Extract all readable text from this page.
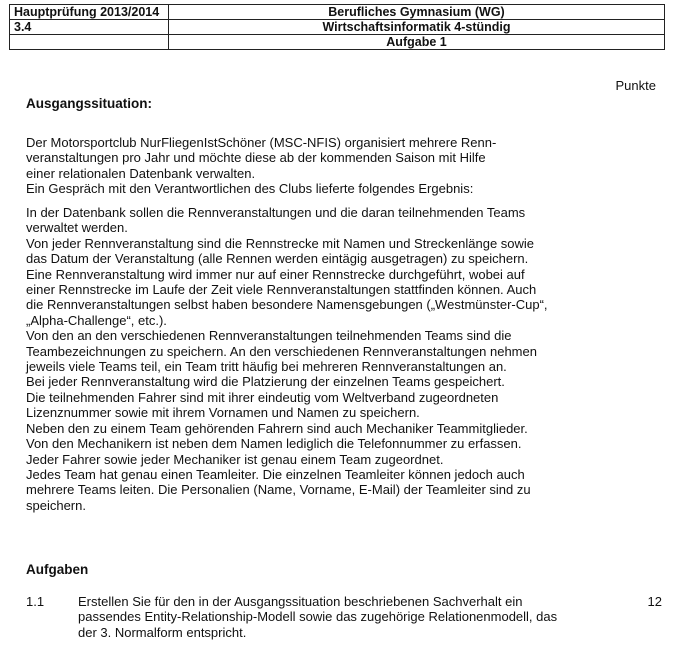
Hauptprüfung 2013/2014	Berufliches Gymnasium (WG)
3.4	Wirtschaftsinformatik 4-stündig
	Aufgabe 1
Punkte
Ausgangssituation:
Der Motorsportclub NurFliegenIstSchöner (MSC-NFIS) organisiert mehrere Renn-
veranstaltungen pro Jahr und möchte diese ab der kommenden Saison mit Hilfe
einer relationalen Datenbank verwalten.
Ein Gespräch mit den Verantwortlichen des Clubs lieferte folgendes Ergebnis:
In der Datenbank sollen die Rennveranstaltungen und die daran teilnehmenden Teams
verwaltet werden.
Von jeder Rennveranstaltung sind die Rennstrecke mit Namen und Streckenlänge sowie
das Datum der Veranstaltung (alle Rennen werden eintägig ausgetragen) zu speichern.
Eine Rennveranstaltung wird immer nur auf einer Rennstrecke durchgeführt, wobei auf
einer Rennstrecke im Laufe der Zeit viele Rennveranstaltungen stattfinden können. Auch
die Rennveranstaltungen selbst haben besondere Namensgebungen („Westmünster-Cup“,
„Alpha-Challenge“, etc.).
Von den an den verschiedenen Rennveranstaltungen teilnehmenden Teams sind die
Teambezeichnungen zu speichern. An den verschiedenen Rennveranstaltungen nehmen
jeweils viele Teams teil, ein Team tritt häufig bei mehreren Rennveranstaltungen an.
Bei jeder Rennveranstaltung wird die Platzierung der einzelnen Teams gespeichert.
Die teilnehmenden Fahrer sind mit ihrer eindeutig vom Weltverband zugeordneten
Lizenznummer sowie mit ihrem Vornamen und Namen zu speichern.
Neben den zu einem Team gehörenden Fahrern sind auch Mechaniker Teammitglieder.
Von den Mechanikern ist neben dem Namen lediglich die Telefonnummer zu erfassen.
Jeder Fahrer sowie jeder Mechaniker ist genau einem Team zugeordnet.
Jedes Team hat genau einen Teamleiter. Die einzelnen Teamleiter können jedoch auch
mehrere Teams leiten. Die Personalien (Name, Vorname, E-Mail) der Teamleiter sind zu
speichern.
Aufgaben
1.1	Erstellen Sie für den in der Ausgangssituation beschriebenen Sachverhalt ein
passendes Entity-Relationship-Modell sowie das zugehörige Relationenmodell, das
der 3. Normalform entspricht.
12
